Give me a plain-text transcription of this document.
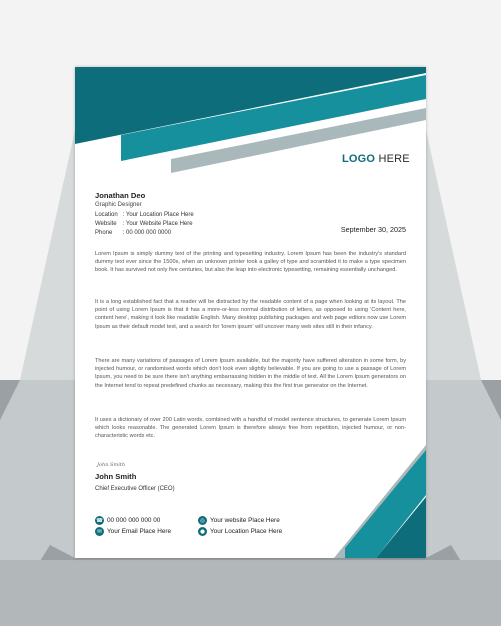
LOGO HERE
Jonathan Deo
Graphic Designer
Location : Your Location Place Here
Website : Your Website Place Here
Phone : 00 000 000 0000	September 30, 2025

Lorem Ipsum is simply dummy text of the printing and typesetting industry. Lorem Ipsum has been the industry's standard dummy text ever since the 1500s, when an unknown printer took a galley of type and scrambled it to make a type specimen book. It has survived not only five centuries, but also the leap into electronic typesetting, remaining essentially unchanged.

It is a long established fact that a reader will be distracted by the readable content of a page when looking at its layout. The point of using Lorem Ipsum is that it has a more-or-less normal distribution of letters, as opposed to using 'Content here, content here', making it look like readable English. Many desktop publishing packages and web page editors now use Lorem Ipsum as their default model text, and a search for 'lorem ipsum' will uncover many web sites still in their infancy.

There are many variations of passages of Lorem Ipsum available, but the majority have suffered alteration in some form, by injected humour, or randomised words which don't look even slightly believable. If you are going to use a passage of Lorem Ipsum, you need to be sure there isn't anything embarrassing hidden in the middle of text. All the Lorem Ipsum generators on the Internet tend to repeat predefined chunks as necessary, making this the first true generator on the Internet.

It uses a dictionary of over 200 Latin words, combined with a handful of model sentence structures, to generate Lorem Ipsum which looks reasonable. The generated Lorem Ipsum is therefore always free from repetition, injected humour, or non-characteristic words etc.

John Smith
John Smith
Chief Executive Officer (CEO)
☎ 00 000 000 000 00
✉ Your Email Place Here
◎ Your website Place Here
● Your Location Place Here
